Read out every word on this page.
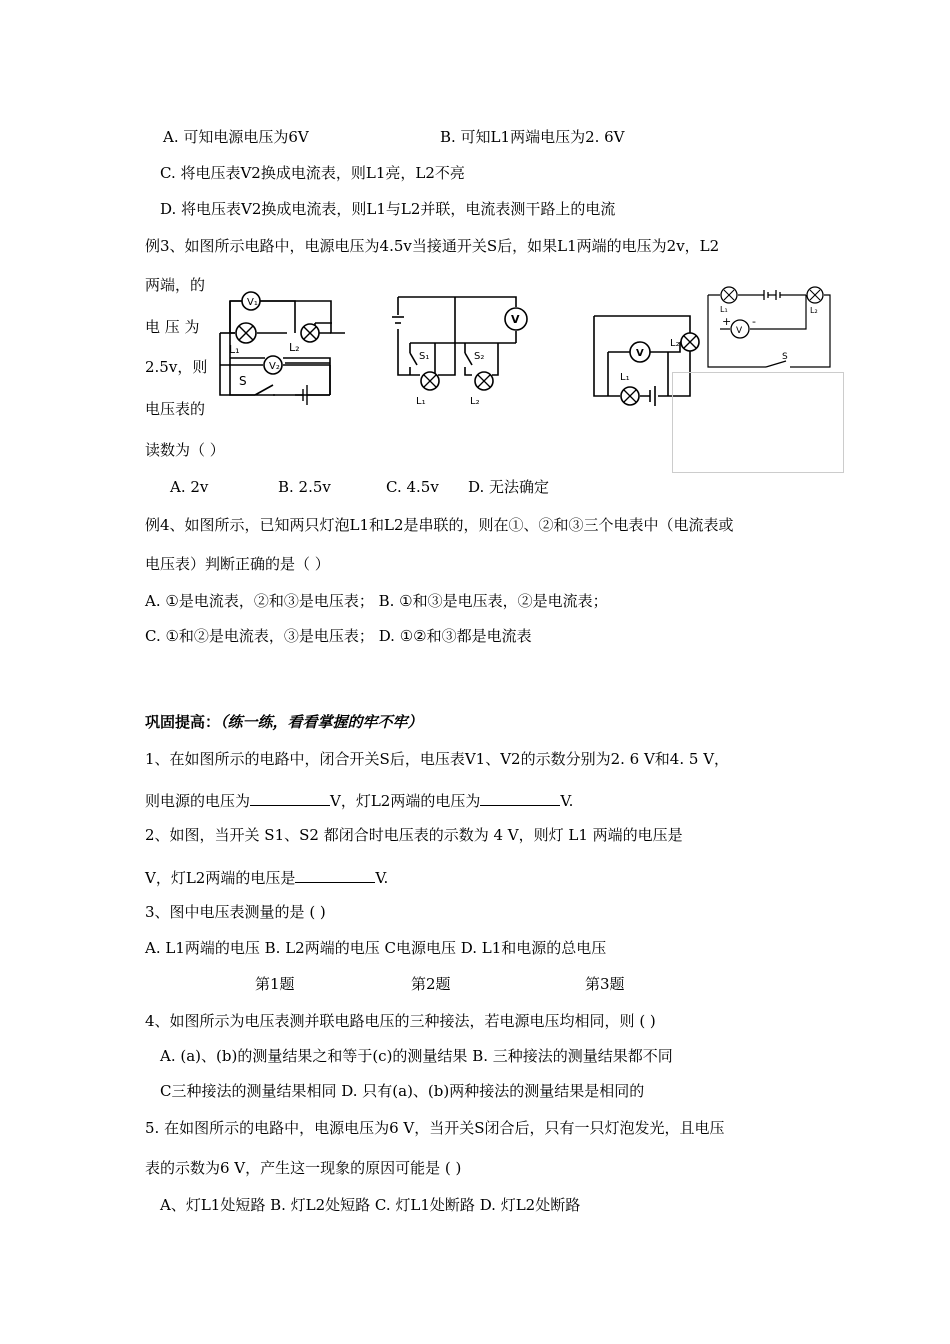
A. 可知电源电压为6V	B. 可知L1两端电压为2. 6V
C. 将电压表V2换成电流表，则L1亮，L2不亮
D. 将电压表V2换成电流表，则L1与L2并联，电流表测干路上的电流
例3、如图所示电路中，电源电压为4.5v当接通开关S后，如果L1两端的电压为2v，L2
两端，的
电 压 为
2.5v，则
电压表的
读数为（ ）
A. 2v	B. 2.5v	C. 4.5v D. 无法确定
V₁
V₂
L₁	L₂
S
V
S₁	S₂
L₁	L₂
V
L₂
L₁
V
L₁	L₂
+ -
S
例4、如图所示，已知两只灯泡L1和L2是串联的，则在①、②和③三个电表中（电流表或
电压表）判断正确的是（ ）
A. ①是电流表，②和③是电压表； B. ①和③是电压表，②是电流表；
C. ①和②是电流表，③是电压表； D. ①②和③都是电流表
巩固提高：（练一练，看看掌握的牢不牢）
1、在如图所示的电路中，闭合开关S后，电压表V1、V2的示数分别为2. 6 V和4. 5 V，
则电源的电压为	V，灯L2两端的电压为	V.
2、如图，当开关 S1、S2 都闭合时电压表的示数为 4 V，则灯 L1 两端的电压是
V，灯L2两端的电压是	V.
3、图中电压表测量的是 ( )
A. L1两端的电压 B. L2两端的电压 C电源电压 D. L1和电源的总电压
第1题	第2题	第3题
4、如图所示为电压表测并联电路电压的三种接法，若电源电压均相同，则 ( )
A. (a)、(b)的测量结果之和等于(c)的测量结果 B. 三种接法的测量结果都不同
C三种接法的测量结果相同 D. 只有(a)、(b)两种接法的测量结果是相同的
5. 在如图所示的电路中，电源电压为6 V，当开关S闭合后，只有一只灯泡发光，且电压
表的示数为6 V，产生这一现象的原因可能是 ( )
A、灯L1处短路 B. 灯L2处短路 C. 灯L1处断路 D. 灯L2处断路
